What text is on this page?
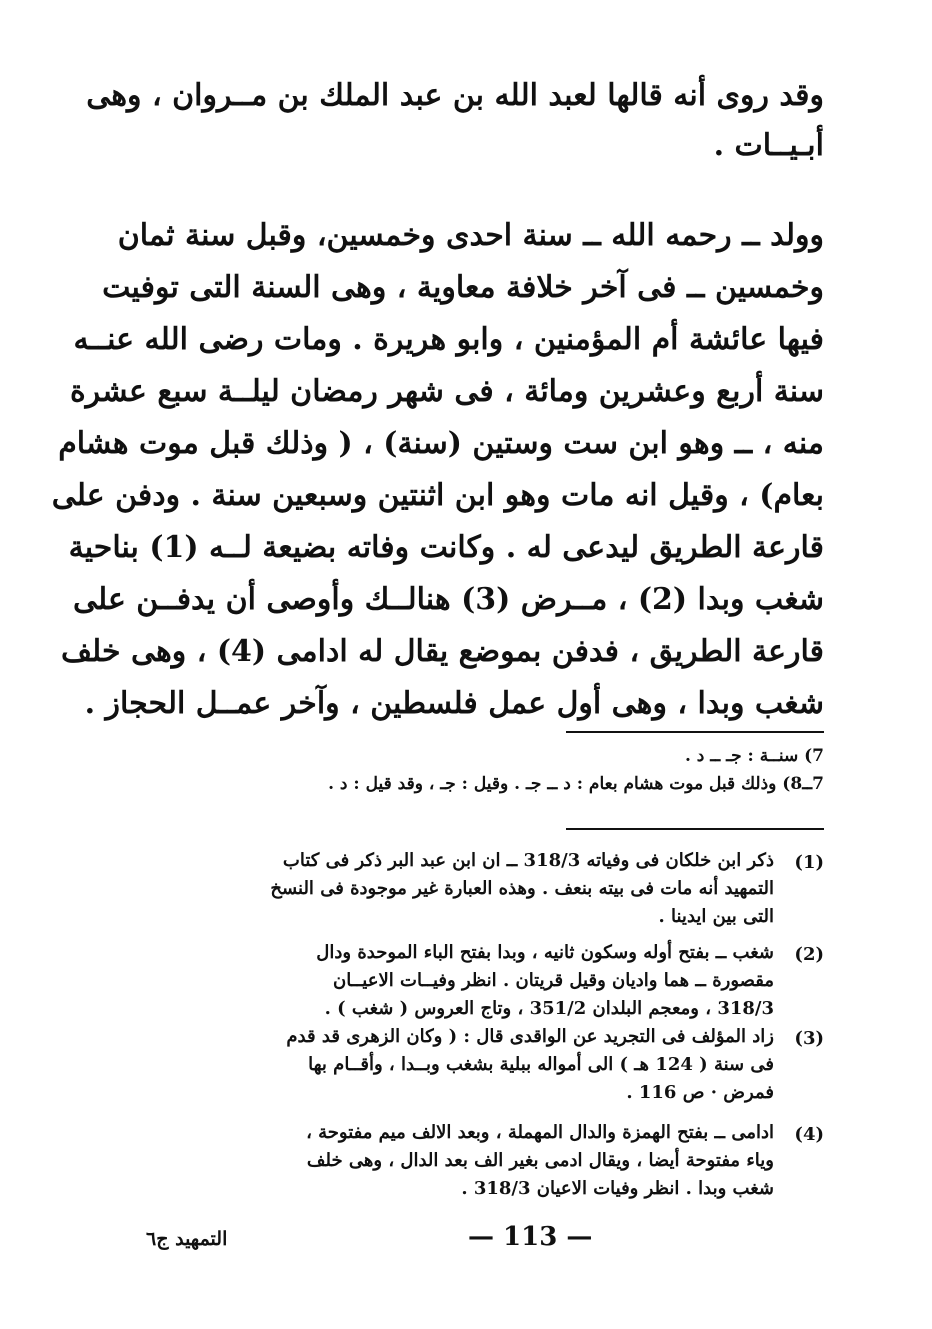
وقد روى أنه قالها لعبد الله بن عبد الملك بن مــروان ، وهى
أبـيــات .
وولد ــ رحمه الله ــ سنة احدى وخمسين، وقبل سنة ثمان
وخمسين ــ فى آخر خلافة معاوية ، وهى السنة التى توفيت
فيها عائشة أم المؤمنين ، وابو هريرة . ومات رضى الله عنــه
سنة أربع وعشرين ومائة ، فى شهر رمضان ليلــة سبع عشرة
منه ، ــ وهو ابن ست وستين (سنة) ، ( وذلك قبل موت هشام
بعام) ، وقيل انه مات وهو ابن اثنتين وسبعين سنة . ودفن على
قارعة الطريق ليدعى له . وكانت وفاته بضيعة لــه (1) بناحية
شغب وبدا (2) ، مــرض (3) هنالــك وأوصى أن يدفــن على
قارعة الطريق ، فدفن بموضع يقال له ادامى (4) ، وهى خلف
شغب وبدا ، وهى أول عمل فلسطين ، وآخر عمــل الحجاز .
7) سنــة : جـ ــ د .
7ــ8) وذلك قبل موت هشام بعام : د ــ جـ . وقيل : جـ ، وقد قيل : د .
(1)
ذكر ابن خلكان فى وفياته 318/3 ــ ان ابن عبد البر ذكر فى كتاب
التمهيد أنه مات فى بيته بنعف . وهذه العبارة غير موجودة فى النسخ
التى بين ايدينا .
(2)
شغب ــ بفتح أوله وسكون ثانيه ، وبدا بفتح الباء الموحدة ودال
مقصورة ــ هما واديان وقيل قريتان . انظر وفيــات الاعيــان
318/3 ، ومعجم البلدان 351/2 ، وتاج العروس ( شغب ) .
(3)
زاد المؤلف فى التجريد عن الواقدى قال : ( وكان الزهرى قد قدم
فى سنة ( 124 هـ ) الى أمواله ببلية بشغب وبــدا ، وأقــام بها
فمرض · ص 116 .
(4)
ادامى ــ بفتح الهمزة والدال المهملة ، وبعد الالف ميم مفتوحة ،
وياء مفتوحة أيضا ، ويقال ادمى بغير الف بعد الدال ، وهى خلف
شغب وبدا . انظر وفيات الاعيان 318/3 .
التمهيد ج٦	— 113 —
